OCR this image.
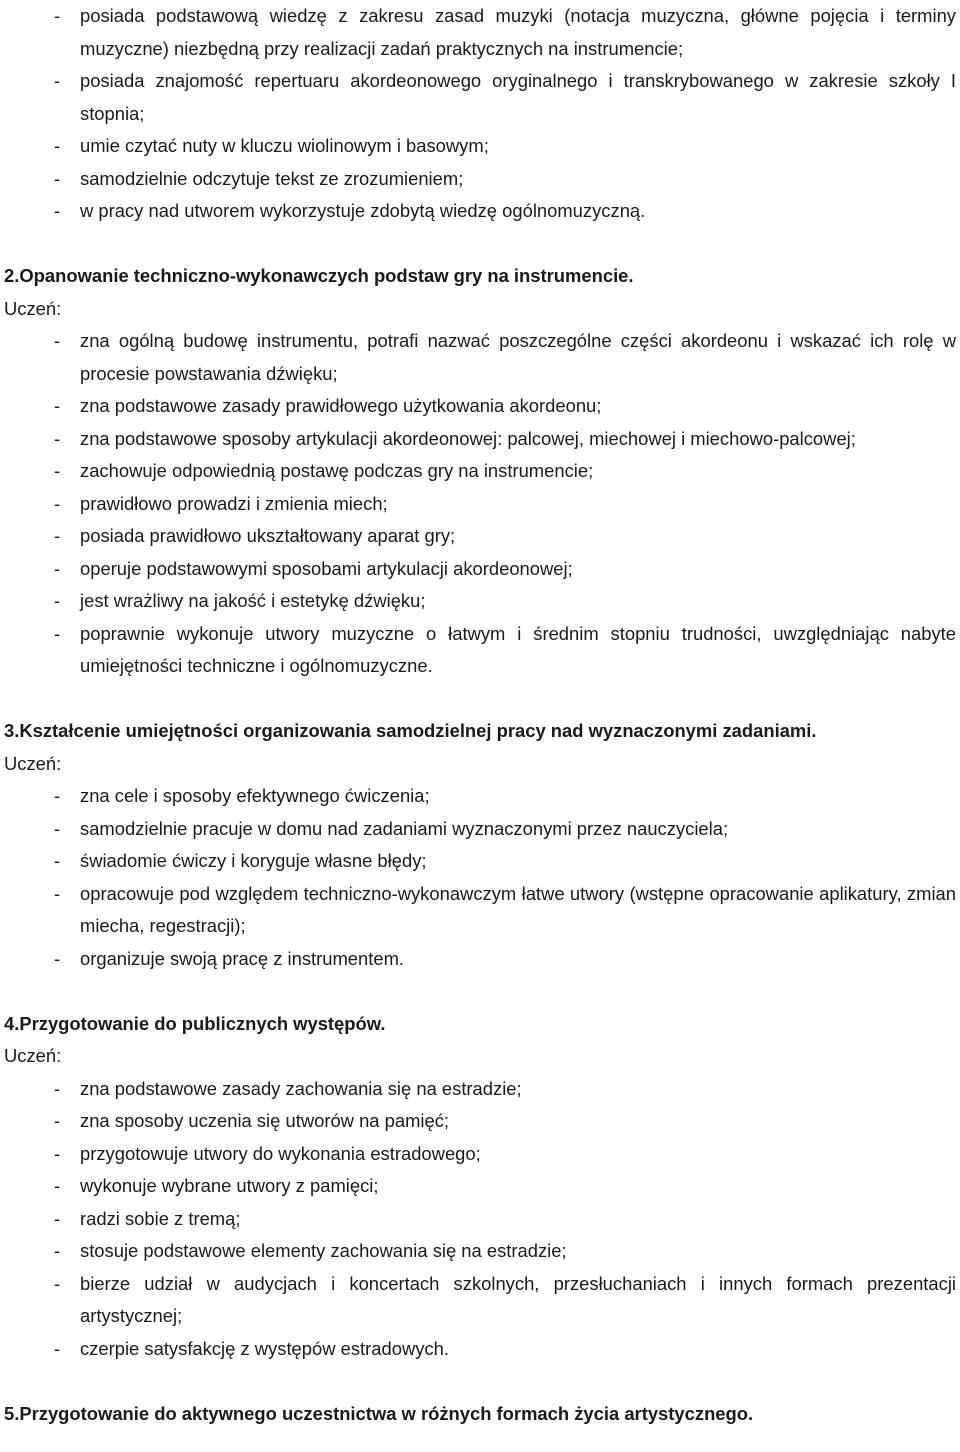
- posiada podstawową wiedzę z zakresu zasad muzyki (notacja muzyczna, główne pojęcia i terminy muzyczne) niezbędną przy realizacji zadań praktycznych na instrumencie;
- posiada znajomość repertuaru akordeonowego oryginalnego i transkrybowanego w zakresie szkoły I stopnia;
- umie czytać nuty w kluczu wiolinowym i basowym;
- samodzielnie odczytuje tekst ze zrozumieniem;
- w pracy nad utworem wykorzystuje zdobytą wiedzę ogólnomuzyczną.
2.Opanowanie techniczno-wykonawczych podstaw gry na instrumencie.
Uczeń:
- zna ogólną budowę instrumentu, potrafi nazwać poszczególne części akordeonu i wskazać ich rolę w procesie powstawania dźwięku;
- zna podstawowe zasady prawidłowego użytkowania akordeonu;
- zna podstawowe sposoby artykulacji akordeonowej: palcowej, miechowej i miechowo-palcowej;
- zachowuje odpowiednią postawę podczas gry na instrumencie;
- prawidłowo prowadzi i zmienia miech;
- posiada prawidłowo ukształtowany aparat gry;
- operuje podstawowymi sposobami artykulacji akordeonowej;
- jest wrażliwy na jakość i estetykę dźwięku;
- poprawnie wykonuje utwory muzyczne o łatwym i średnim stopniu trudności, uwzględniając nabyte umiejętności techniczne i ogólnomuzyczne.
3.Kształcenie umiejętności organizowania samodzielnej pracy nad wyznaczonymi zadaniami.
Uczeń:
- zna cele i sposoby efektywnego ćwiczenia;
- samodzielnie pracuje w domu nad zadaniami wyznaczonymi przez nauczyciela;
- świadomie ćwiczy i koryguje własne błędy;
- opracowuje pod względem techniczno-wykonawczym łatwe utwory (wstępne opracowanie aplikatury, zmian miecha, regestracji);
- organizuje swoją pracę z instrumentem.
4.Przygotowanie do publicznych występów.
Uczeń:
- zna podstawowe zasady zachowania się na estradzie;
- zna sposoby uczenia się utworów na pamięć;
- przygotowuje utwory do wykonania estradowego;
- wykonuje wybrane utwory z pamięci;
- radzi sobie z tremą;
- stosuje podstawowe elementy zachowania się na estradzie;
- bierze udział w audycjach i koncertach szkolnych, przesłuchaniach i innych formach prezentacji artystycznej;
- czerpie satysfakcję z występów estradowych.
5.Przygotowanie do aktywnego uczestnictwa w różnych formach życia artystycznego.
